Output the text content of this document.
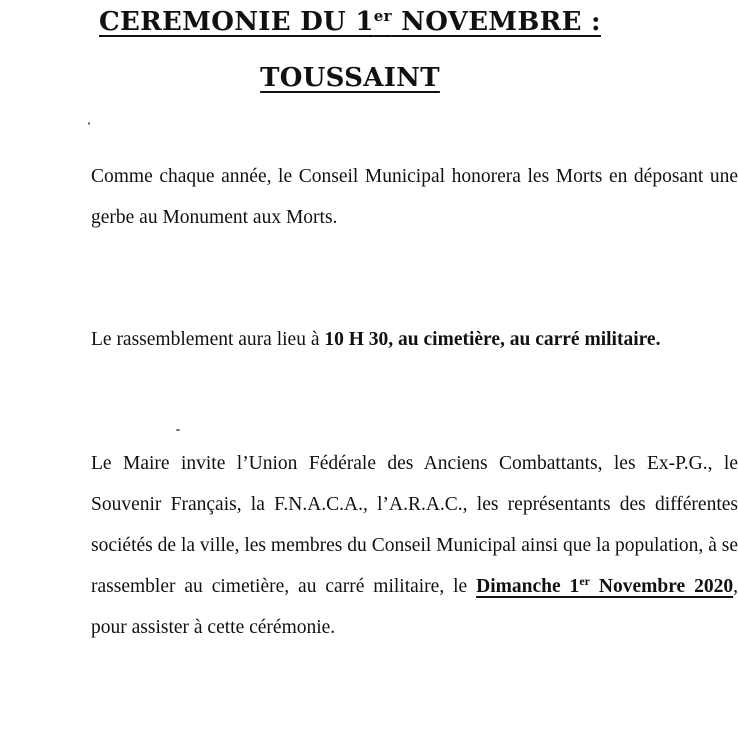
CEREMONIE DU 1er NOVEMBRE :
TOUSSAINT

Comme chaque année, le Conseil Municipal honorera les Morts en déposant une gerbe au Monument aux Morts.

Le rassemblement aura lieu à 10 H 30, au cimetière, au carré militaire.

Le Maire invite l’Union Fédérale des Anciens Combattants, les Ex-P.G., le Souvenir Français, la F.N.A.C.A., l’A.R.A.C., les représentants des différentes sociétés de la ville, les membres du Conseil Municipal ainsi que la population, à se rassembler au cimetière, au carré militaire, le Dimanche 1er Novembre 2020, pour assister à cette cérémonie.
